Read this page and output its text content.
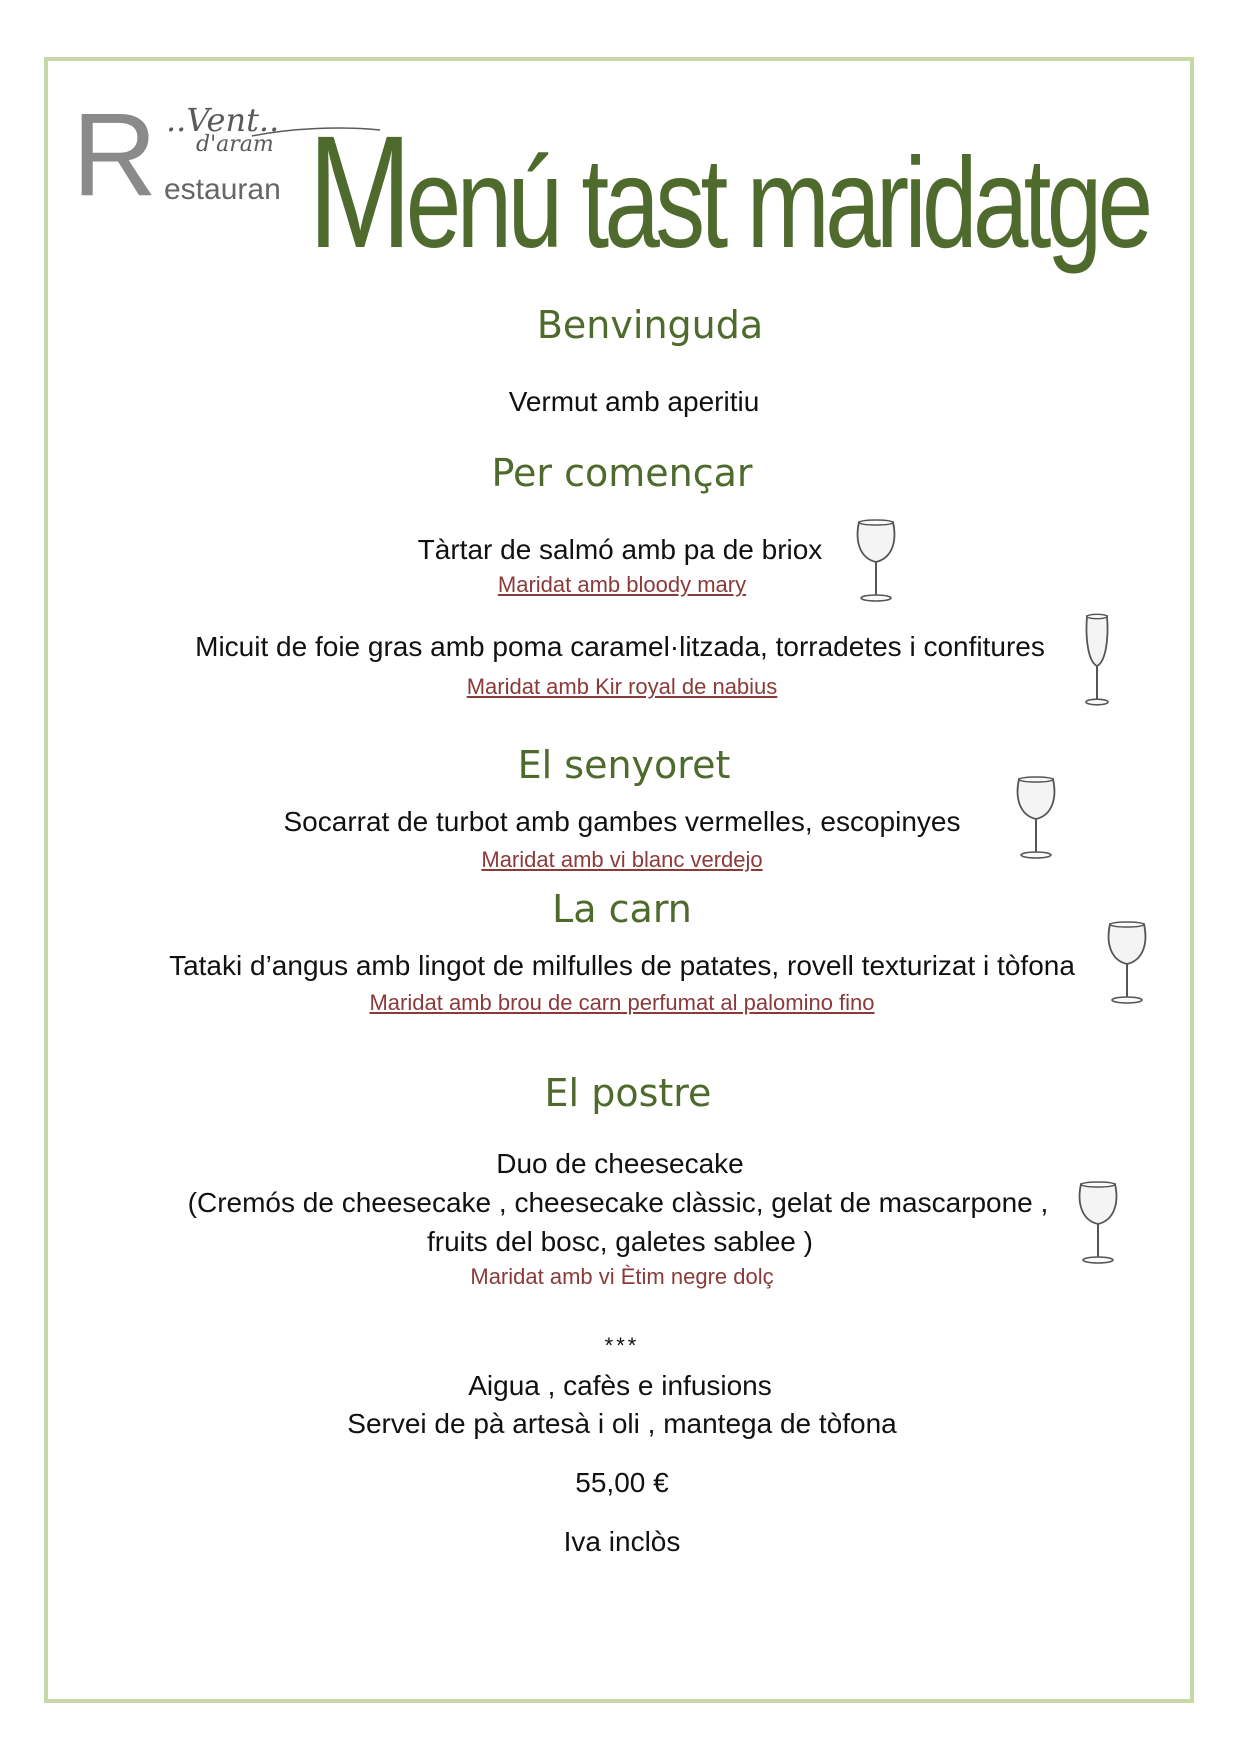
R ..Vent..
d'aram
estauran Menú tast maridatge
Benvinguda
Vermut amb aperitiu
Per començar
Tàrtar de salmó amb pa de briox
Maridat amb bloody mary
Micuit de foie gras amb poma caramel·litzada, torradetes i confitures
Maridat amb Kir royal de nabius
El senyoret
Socarrat de turbot amb gambes vermelles, escopinyes
Maridat amb vi blanc verdejo
La carn
Tataki d’angus amb lingot de milfulles de patates, rovell texturizat i tòfona
Maridat amb brou de carn perfumat al palomino fino
El postre
Duo de cheesecake
(Cremós de cheesecake , cheesecake clàssic, gelat de mascarpone ,
fruits del bosc, galetes sablee )
Maridat amb vi Ètim negre dolç
***
Aigua , cafès e infusions
Servei de pà artesà i oli , mantega de tòfona
55,00 €
Iva inclòs
